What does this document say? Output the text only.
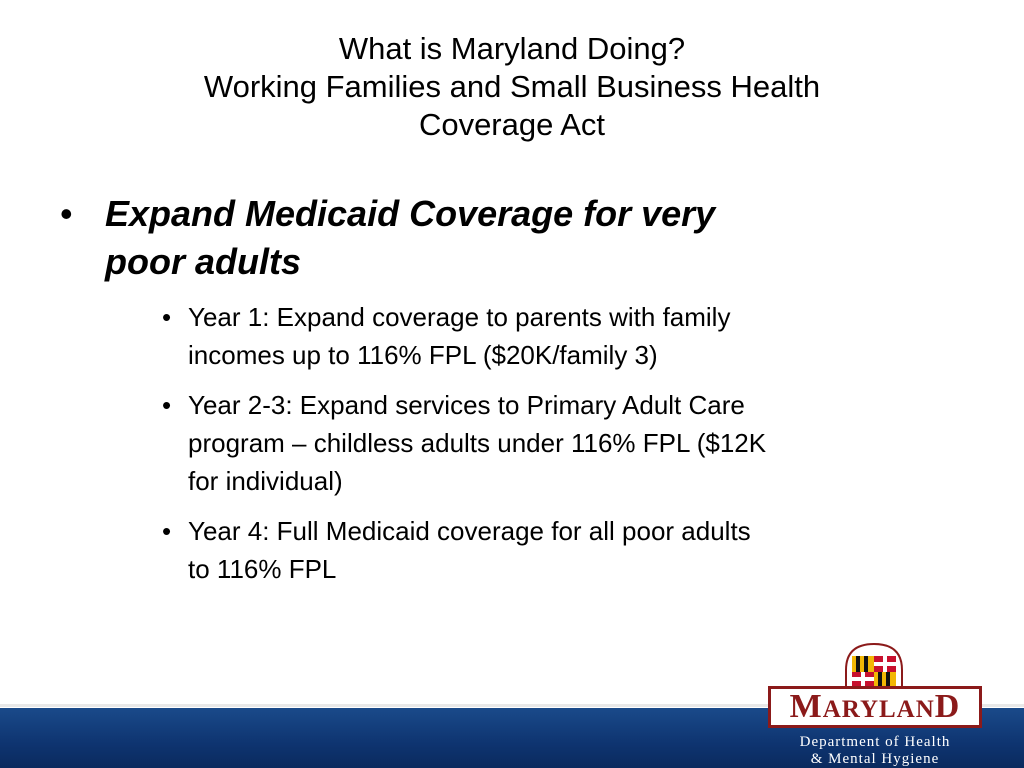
What is Maryland Doing?
Working Families and Small Business Health
Coverage Act
• Expand Medicaid Coverage for very
poor adults
• Year 1: Expand coverage to parents with family
incomes up to 116% FPL ($20K/family 3)
• Year 2-3: Expand services to Primary Adult Care
program – childless adults under 116% FPL ($12K
for individual)
• Year 4: Full Medicaid coverage for all poor adults
to 116% FPL
MARYLAND
Department of Health
& Mental Hygiene
